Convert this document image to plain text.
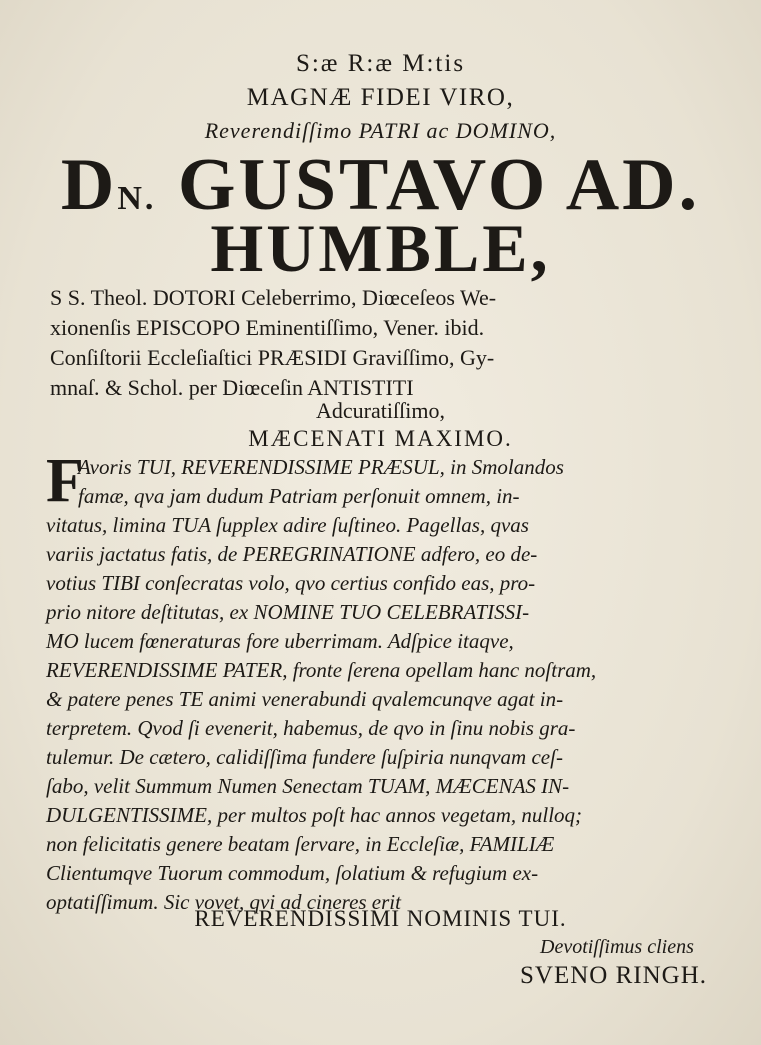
S:æ R:æ M:tis
MAGNÆ FIDEI VIRO,
Reverendiſſimo PATRI ac DOMINO,
DN. GUSTAVO AD.
HUMBLE,
S S. Theol. DOTORI Celeberrimo, Diœceſeos We-
xionenſis EPISCOPO Eminentiſſimo, Vener. ibid.
Conſiſtorii Eccleſiaſtici PRÆSIDI Graviſſimo, Gy-
mnaſ. & Schol. per Diœceſin ANTISTITI
Adcuratiſſimo,
MÆCENATI MAXIMO.
F
Avoris TUI, REVERENDISSIME PRÆSUL, in Smolandos
famæ, qva jam dudum Patriam perſonuit omnem, in-
vitatus, limina TUA ſupplex adire ſuſtineo. Pagellas, qvas
variis jactatus fatis, de PEREGRINATIONE adfero, eo de-
votius TIBI conſecratas volo, qvo certius confido eas, pro-
prio nitore deſtitutas, ex NOMINE TUO CELEBRATISSI-
MO lucem fœneraturas fore uberrimam. Adſpice itaqve,
REVERENDISSIME PATER, fronte ſerena opellam hanc noſtram,
& patere penes TE animi venerabundi qvalemcunqve agat in-
terpretem. Qvod ſi evenerit, habemus, de qvo in ſinu nobis gra-
tulemur. De cætero, calidiſſima fundere ſuſpiria nunqvam ceſ-
ſabo, velit Summum Numen Senectam TUAM, MÆCENAS IN-
DULGENTISSIME, per multos poſt hac annos vegetam, nulloq;
non felicitatis genere beatam ſervare, in Eccleſiæ, FAMILIÆ
Clientumqve Tuorum commodum, ſolatium & refugium ex-
optatiſſimum. Sic vovet, qvi ad cineres erit
REVERENDISSIMI NOMINIS TUI.
Devotiſſimus cliens
SVENO RINGH.
